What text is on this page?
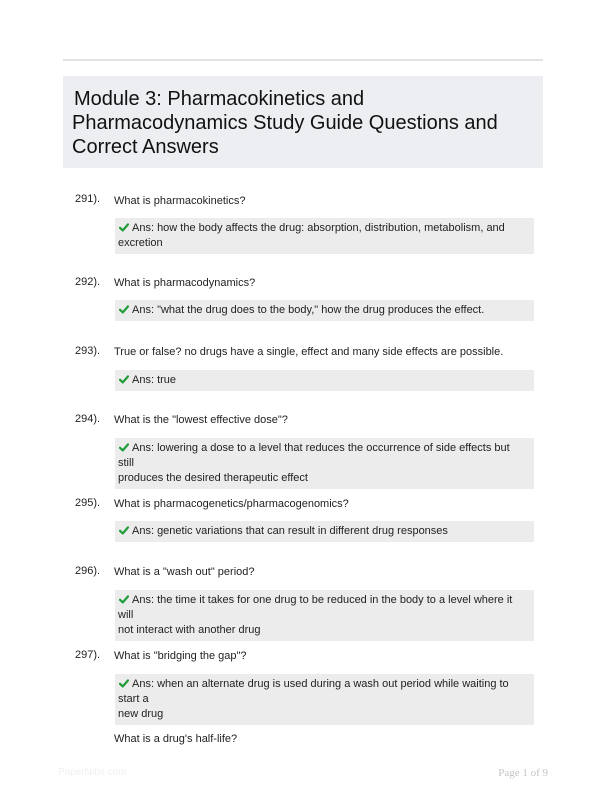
Module 3: Pharmacokinetics and
Pharmacodynamics Study Guide Questions and
Correct Answers
291). What is pharmacokinetics?
Ans: how the body affects the drug: absorption, distribution, metabolism, and
excretion
292). What is pharmacodynamics?
Ans: "what the drug does to the body," how the drug produces the effect.
293). True or false? no drugs have a single, effect and many side effects are possible.
Ans: true
294). What is the "lowest effective dose"?
Ans: lowering a dose to a level that reduces the occurrence of side effects but still
produces the desired therapeutic effect
295). What is pharmacogenetics/pharmacogenomics?
Ans: genetic variations that can result in different drug responses
296). What is a "wash out" period?
Ans: the time it takes for one drug to be reduced in the body to a level where it will
not interact with another drug
297). What is "bridging the gap"?
Ans: when an alternate drug is used during a wash out period while waiting to start a
new drug
What is a drug's half-life?
PaperNibs.com	Page 1 of 9
